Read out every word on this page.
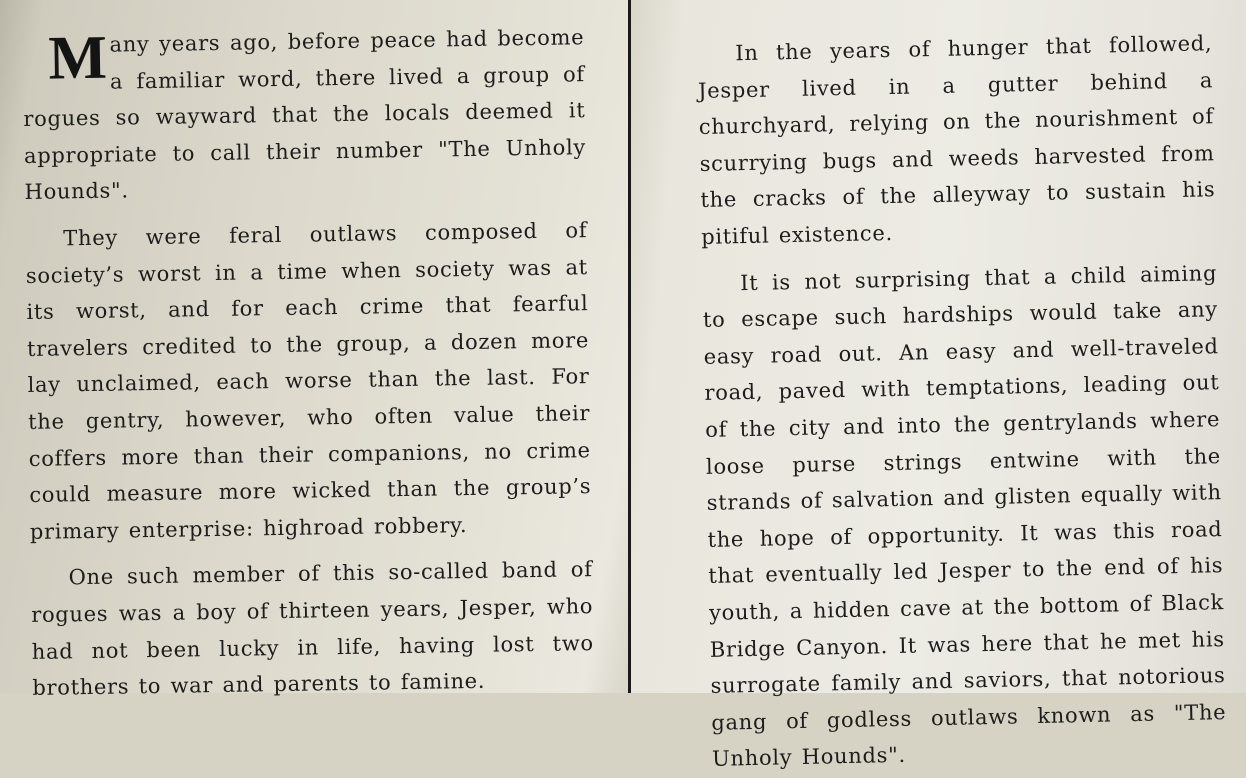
Many years ago, before peace had become a familiar word, there lived a group of rogues so wayward that the locals deemed it appropriate to call their number "The Unholy Hounds".

They were feral outlaws composed of society’s worst in a time when society was at its worst, and for each crime that fearful travelers credited to the group, a dozen more lay unclaimed, each worse than the last. For the gentry, however, who often value their coffers more than their companions, no crime could measure more wicked than the group’s primary enterprise: highroad robbery.

One such member of this so-called band of rogues was a boy of thirteen years, Jesper, who had not been lucky in life, having lost two brothers to war and parents to famine.

In the years of hunger that followed, Jesper lived in a gutter behind a churchyard, relying on the nourishment of scurrying bugs and weeds harvested from the cracks of the alleyway to sustain his pitiful existence.

It is not surprising that a child aiming to escape such hardships would take any easy road out. An easy and well-traveled road, paved with temptations, leading out of the city and into the gentrylands where loose purse strings entwine with the strands of salvation and glisten equally with the hope of opportunity. It was this road that eventually led Jesper to the end of his youth, a hidden cave at the bottom of Black Bridge Canyon. It was here that he met his surrogate family and saviors, that notorious gang of godless outlaws known as "The Unholy Hounds".
